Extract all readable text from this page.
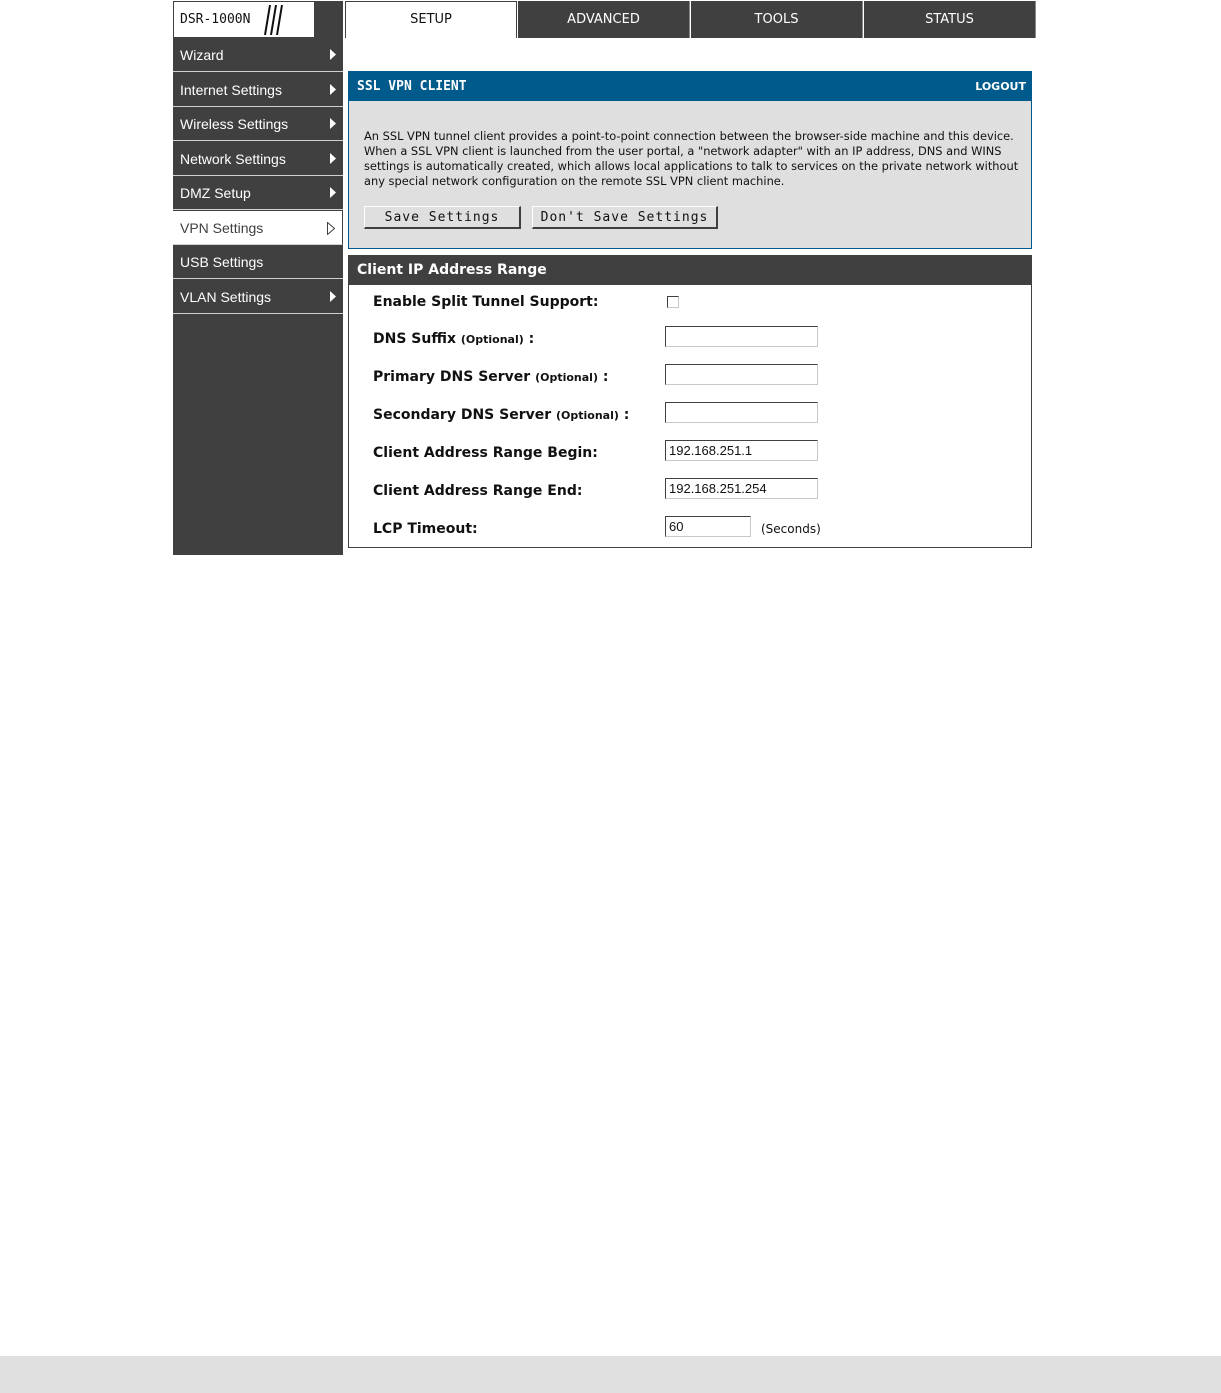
DSR-1000N	SETUP	ADVANCED	TOOLS	STATUS
Wizard
Internet Settings
Wireless Settings
Network Settings
DMZ Setup
VPN Settings
USB Settings
VLAN Settings
SSL VPN CLIENT	LOGOUT
An SSL VPN tunnel client provides a point-to-point connection between the browser-side machine and this device. When a SSL VPN client is launched from the user portal, a "network adapter" with an IP address, DNS and WINS settings is automatically created, which allows local applications to talk to services on the private network without any special network configuration on the remote SSL VPN client machine.
Save Settings	Don't Save Settings
Client IP Address Range
Enable Split Tunnel Support:
DNS Suffix (Optional) :
Primary DNS Server (Optional) :
Secondary DNS Server (Optional) :
Client Address Range Begin:
192.168.251.1
Client Address Range End:
192.168.251.254
LCP Timeout:
60	(Seconds)
